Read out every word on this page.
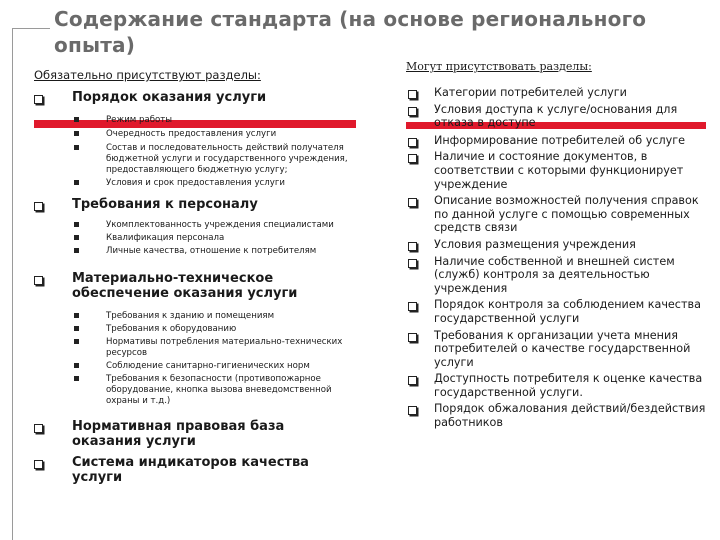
Содержание стандарта (на основе регионального опыта)
Обязательно присутствуют разделы:
Порядок оказания услуги
Режим работы
Очередность предоставления услуги
Состав и последовательность действий получателя бюджетной услуги и государственного учреждения, предоставляющего бюджетную услугу;
Условия и срок предоставления услуги
Требования к персоналу
Укомплектованность учреждения специалистами
Квалификация персонала
Личные качества, отношение к потребителям
Материально-техническое обеспечение оказания услуги
Требования к зданию и помещениям
Требования к оборудованию
Нормативы потребления материально-технических ресурсов
Соблюдение санитарно-гигиенических норм
Требования к безопасности (противопожарное оборудование, кнопка вызова вневедомственной охраны и т.д.)
Нормативная правовая база оказания услуги
Система индикаторов качества услуги
Могут присутствовать разделы:
Категории потребителей услуги
Условия доступа к услуге/основания для отказа в доступе
Информирование потребителей об услуге
Наличие и состояние документов, в соответствии с которыми функционирует учреждение
Описание возможностей получения справок по данной услуге с помощью современных средств связи
Условия размещения учреждения
Наличие собственной и внешней систем (служб) контроля за деятельностью учреждения
Порядок контроля за соблюдением качества государственной услуги
Требования к организации учета мнения потребителей о качестве государственной услуги
Доступность потребителя к оценке качества государственной услуги.
Порядок обжалования действий/бездействия работников
